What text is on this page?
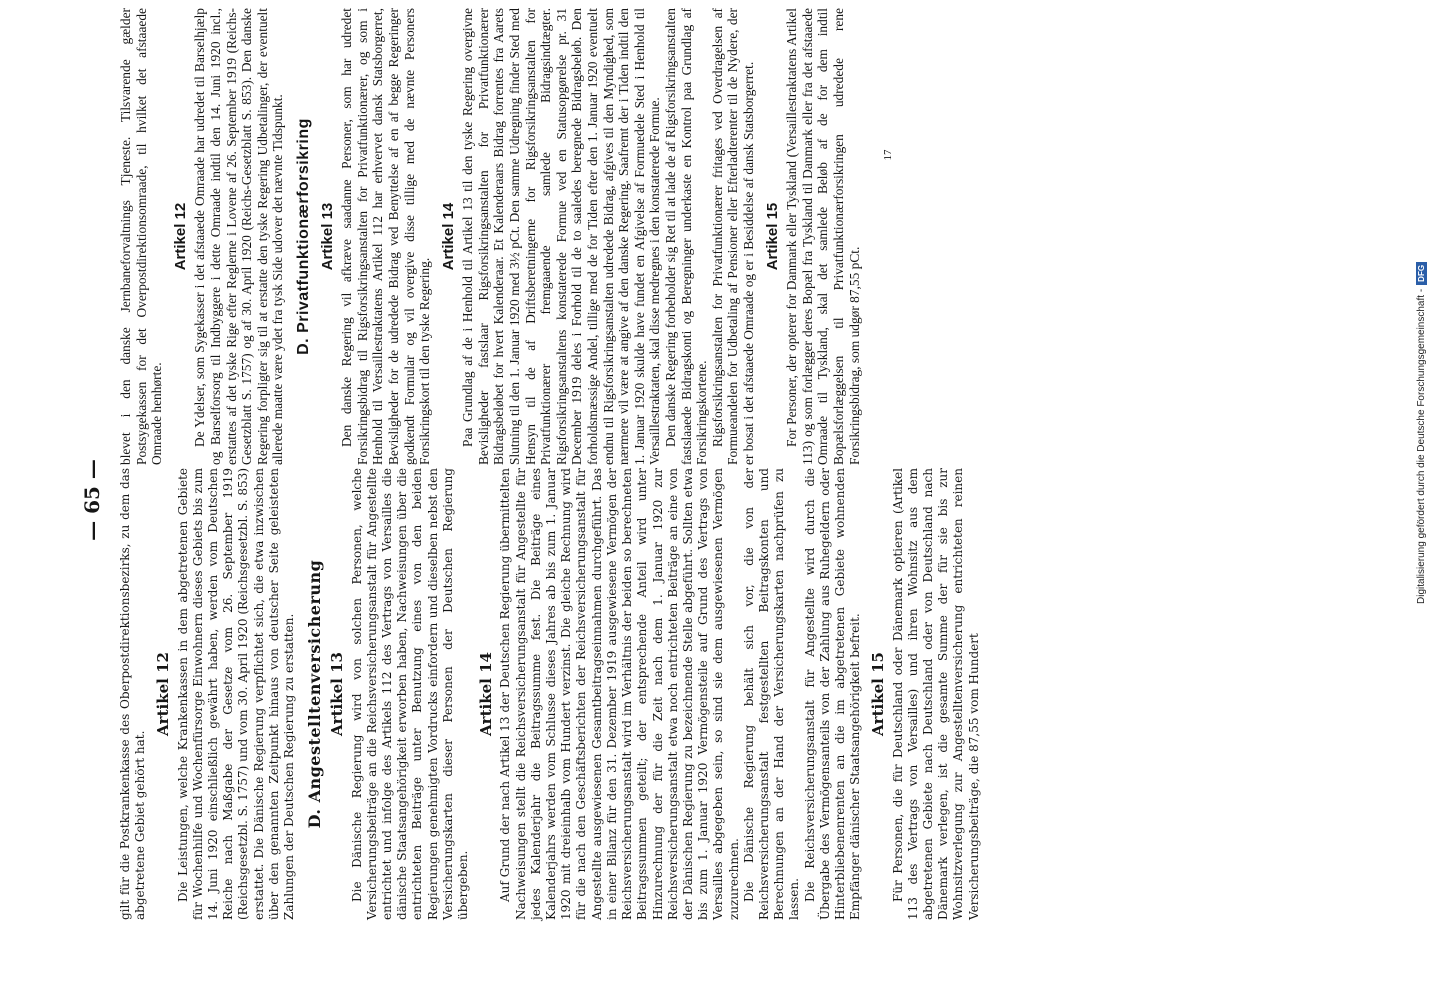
— 65 — gilt für die Postkrankenkasse des Oberpostdirektionsbezirks, zu dem das abgetretene Gebiet gehört hat.

Artikel 12 Die Leistungen, welche Krankenkassen in dem abgetretenen Gebiete für Wochenhilfe und Wochenfürsorge Einwohnern dieses Gebiets bis zum 14. Juni 1920 einschließlich gewährt haben, werden vom Deutschen Reiche nach Maßgabe der Gesetze vom 26. September 1919 (Reichsgesetzbl. S. 1757) und vom 30. April 1920 (Reichsgesetzbl. S. 853) erstattet. Die Dänische Regierung verpflichtet sich, die etwa inzwischen über den genannten Zeitpunkt hinaus von deutscher Seite geleisteten Zahlungen der Deutschen Regierung zu erstatten. D. Angestelltenversicherung Artikel 13 Die Dänische Regierung wird von solchen Personen, welche Versicherungsbeiträge an die Reichsversicherungsanstalt für Angestellte entrichtet und infolge des Artikels 112 des Vertrags von Versailles die dänische Staatsangehörigkeit erworben haben, Nachweisungen über die entrichteten Beiträge unter Benutzung eines von den beiden Regierungen genehmigten Vordrucks einfordern und dieselben nebst den Versicherungskarten dieser Personen der Deutschen Regierung übergeben.

Artikel 14 Auf Grund der nach Artikel 13 der Deutschen Regierung übermittelten Nachweisungen stellt die Reichsversicherungsanstalt für Angestellte für jedes Kalenderjahr die Beitragssumme fest. Die Beiträge eines Kalenderjahrs werden vom Schlusse dieses Jahres ab bis zum 1. Januar 1920 mit dreieinhalb vom Hundert verzinst. Die gleiche Rechnung wird für die nach den Geschäftsberichten der Reichsversicherungsanstalt für Angestellte ausgewiesenen Gesamtbeitragseinnahmen durchgeführt. Das in einer Bilanz für den 31. Dezember 1919 ausgewiesene Vermögen der Reichsversicherungsanstalt wird im Verhältnis der beiden so berechneten Beitragssummen geteilt; der entsprechende Anteil wird unter Hinzurechnung der für die Zeit nach dem 1. Januar 1920 zur Reichsversicherungsanstalt etwa noch entrichteten Beiträge an eine von der Dänischen Regierung zu bezeichnende Stelle abgeführt. Sollten etwa bis zum 1. Januar 1920 Vermögensteile auf Grund des Vertrags von Versailles abgegeben sein, so sind sie dem ausgewiesenen Vermögen zuzurechnen. Die Dänische Regierung behält sich vor, die von der Reichsversicherungsanstalt festgestellten Beitragskonten und Berechnungen an der Hand der Versicherungskarten nachprüfen zu lassen. Die Reichsversicherungsanstalt für Angestellte wird durch die Übergabe des Vermögensanteils von der Zahlung aus Ruhegeldern oder Hinterbliebenenrenten an die im abgetretenen Gebiete wohnenden Empfänger dänischer Staatsangehörigkeit befreit. Artikel 15 Für Personen, die für Deutschland oder Dänemark optieren (Artikel 113 des Vertrags von Versailles) und ihren Wohnsitz aus dem abgetretenen Gebiete nach Deutschland oder von Deutschland nach Dänemark verlegen, ist die gesamte Summe der für sie bis zur Wohnsitzverlegung zur Angestelltenversicherung entrichteten reinen Versicherungsbeiträge, die 87,55 vom Hundert

blevet i den danske Jernbaneforvaltnings Tjeneste. Tilsvarende gælder Postsygekassen for det Overpostdirektionsomraade, til hvilket det afstaaede Omraade henhørte.

Artikel 12 De Ydelser, som Sygekasser i det afstaaede Omraade har udredet til Barselhjælp og Barselforsorg til Indbyggere i dette Omraade indtil den 14. Juni 1920 incl., erstattes af det tyske Rige efter Reglerne i Lovene af 26. September 1919 (Reichs-Gesetzblatt S. 1757) og af 30. April 1920 (Reichs-Gesetzblatt S. 853). Den danske Regering forpligter sig til at erstatte den tyske Regering Udbetalinger, der eventuelt allerede maatte være ydet fra tysk Side udover det nævnte Tidspunkt. D. Privatfunktionærforsikring Artikel 13 Den danske Regering vil afkræve saadanne Personer, som har udredet Forsikringsbidrag til Rigsforsikringsanstalten for Privatfunktionærer, og som i Henhold til Versaillestraktatens Artikel 112 har erhvervet dansk Statsborgerret, Bevisligheder for de udredede Bidrag ved Benyttelse af en af begge Regeringer godkendt Formular og vil overgive disse tillige med de nævnte Personers Forsikringskort til den tyske Regering.

Artikel 14 Paa Grundlag af de i Henhold til Artikel 13 til den tyske Regering overgivne Bevisligheder fastslaar Rigsforsikringsanstalten for Privatfunktionærer Bidragsbeløbet for hvert Kalenderaar. Et Kalenderaars Bidrag forrentes fra Aarets Slutning til den 1. Januar 1920 med 3½ pCt. Den samme Udregning finder Sted med Hensyn til de af Driftsberetningerne for Rigsforsikringsanstalten for Privatfunktionærer fremgaaende samlede Bidragsindtægter. Rigsforsikringsanstaltens konstaterede Formue ved en Statusopgørelse pr. 31 December 1919 deles i Forhold til de to saaledes beregnede Bidragsbeløb. Den forholdsmæssige Andel, tillige med de for Tiden efter den 1. Januar 1920 eventuelt endnu til Rigsforsikringsanstalten udredede Bidrag, afgives til den Myndighed, som nærmere vil være at angive af den danske Regering. Saafremt der i Tiden indtil den 1. Januar 1920 skulde have fundet en Afgivelse af Formuedele Sted i Henhold til Versaillestraktaten, skal disse medregnes i den konstaterede Formue. Den danske Regering forbeholder sig Ret til at lade de af Rigsforsikringsanstalten fastslaaede Bidragskonti og Beregninger underkaste en Kontrol paa Grundlag af Forsikringskortene. Rigsforsikringsanstalten for Privatfunktionærer fritages ved Overdragelsen af Formueandelen for Udbetaling af Pensioner eller Efterladterenter til de Nydere, der er bosat i det afstaaede Omraade og er i Besiddelse af dansk Statsborgerret. Artikel 15 For Personer, der opterer for Danmark eller Tyskland (Versaillestraktatens Artikel 113) og som forlægger deres Bopæl fra Tyskland til Danmark eller fra det afstaaede Omraade til Tyskland, skal det samlede Beløb af de for dem indtil Bopælsforlæggelsen til Privatfunktionærforsikringen udredede rene Forsikringsbidrag, som udgør 87,55 pCt.

17
Digitalisierung gefördert durch die Deutsche Forschungsgemeinschaft -
DFG
